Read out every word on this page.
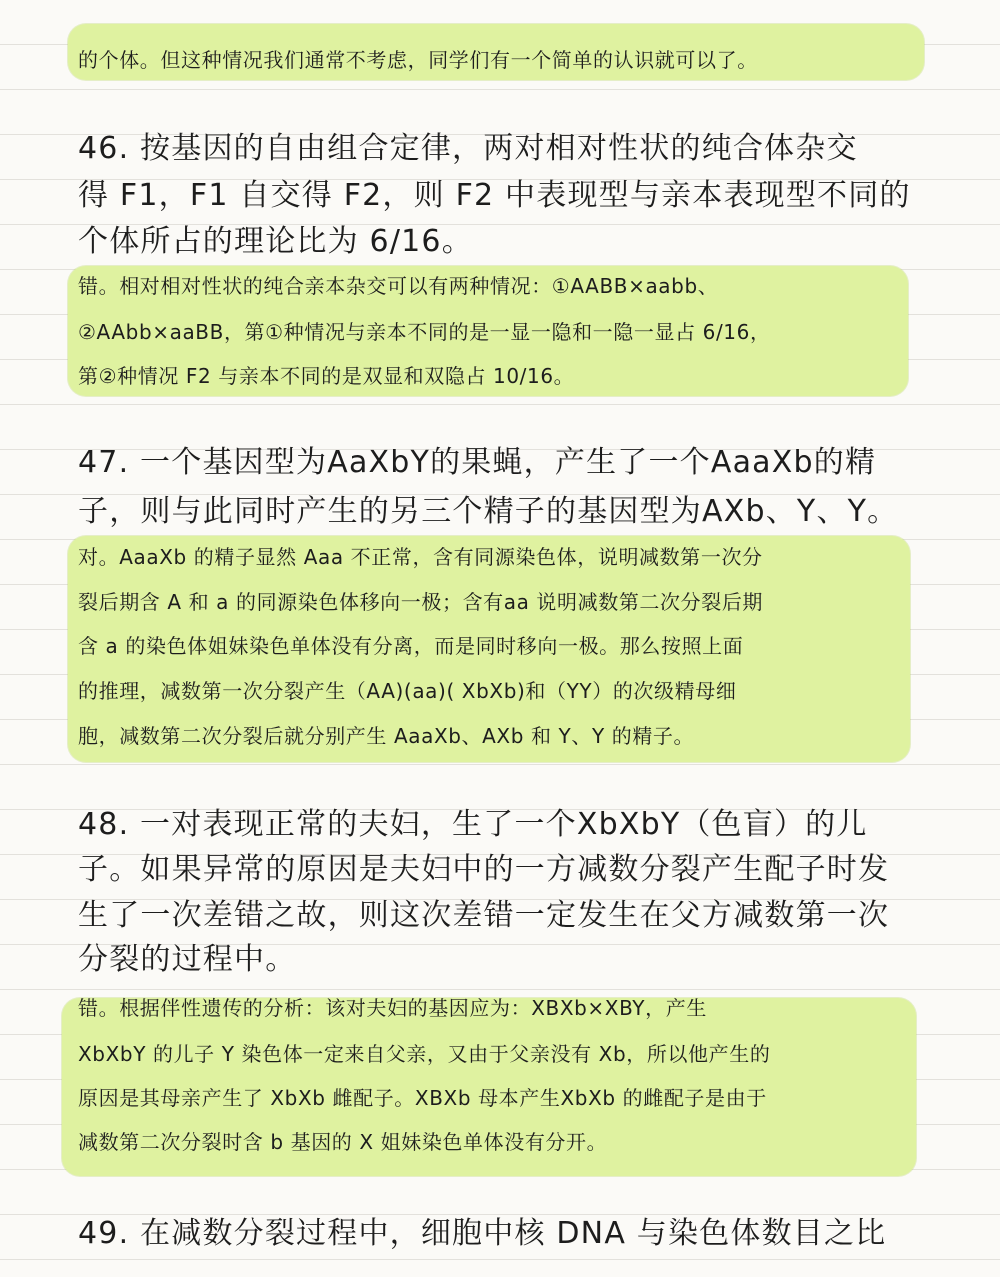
的个体。但这种情况我们通常不考虑，同学们有一个简单的认识就可以了。

46. 按基因的自由组合定律，两对相对性状的纯合体杂交

得 F1，F1 自交得 F2，则 F2 中表现型与亲本表现型不同的

个体所占的理论比为 6/16。

错。相对相对性状的纯合亲本杂交可以有两种情况：①AABB×aabb、

②AAbb×aaBB，第①种情况与亲本不同的是一显一隐和一隐一显占 6/16，

第②种情况 F2 与亲本不同的是双显和双隐占 10/16。

47. 一个基因型为AaXbY的果蝇，产生了一个AaaXb的精

子，则与此同时产生的另三个精子的基因型为AXb、Y、Y。

对。AaaXb 的精子显然 Aaa 不正常，含有同源染色体，说明减数第一次分

裂后期含 A 和 a 的同源染色体移向一极；含有aa 说明减数第二次分裂后期

含 a 的染色体姐妹染色单体没有分离，而是同时移向一极。那么按照上面

的推理，减数第一次分裂产生（AA)(aa)( XbXb)和（YY）的次级精母细

胞，减数第二次分裂后就分别产生 AaaXb、AXb 和 Y、Y 的精子。

48. 一对表现正常的夫妇，生了一个XbXbY（色盲）的儿

子。如果异常的原因是夫妇中的一方减数分裂产生配子时发

生了一次差错之故，则这次差错一定发生在父方减数第一次

分裂的过程中。

错。根据伴性遗传的分析：该对夫妇的基因应为：XBXb×XBY，产生

XbXbY 的儿子 Y 染色体一定来自父亲，又由于父亲没有 Xb，所以他产生的

原因是其母亲产生了 XbXb 雌配子。XBXb 母本产生XbXb 的雌配子是由于

减数第二次分裂时含 b 基因的 X 姐妹染色单体没有分开。

49. 在减数分裂过程中，细胞中核 DNA 与染色体数目之比
